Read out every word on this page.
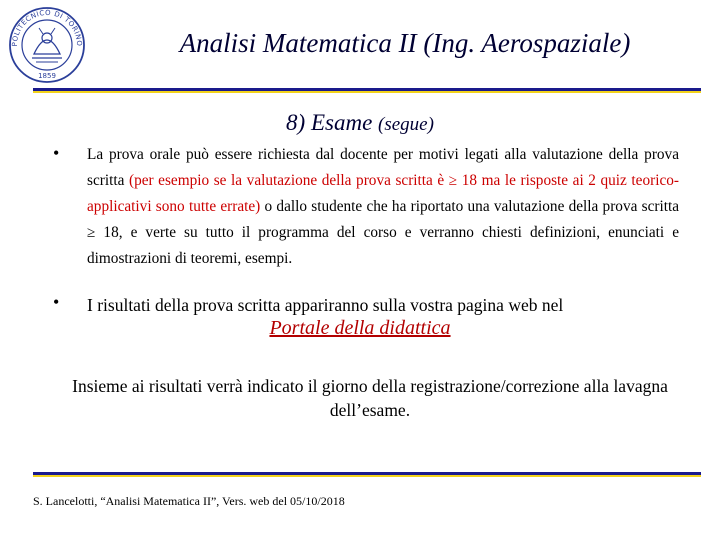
POLITECNICO DI TORINO
1859
Analisi Matematica II (Ing. Aerospaziale)
8) Esame (segue)
• La prova orale può essere richiesta dal docente per motivi legati alla valutazione della prova scritta (per esempio se la valutazione della prova scritta è ≥ 18 ma le risposte ai 2 quiz teorico-applicativi sono tutte errate) o dallo studente che ha riportato una valutazione della prova scritta ≥ 18, e verte su tutto il programma del corso e verranno chiesti definizioni, enunciati e dimostrazioni di teoremi, esempi.
• I risultati della prova scritta appariranno sulla vostra pagina web nel
Portale della didattica
Insieme ai risultati verrà indicato il giorno della registrazione/correzione alla lavagna dell’esame.
S. Lancelotti, “Analisi Matematica II”, Vers. web del 05/10/2018
